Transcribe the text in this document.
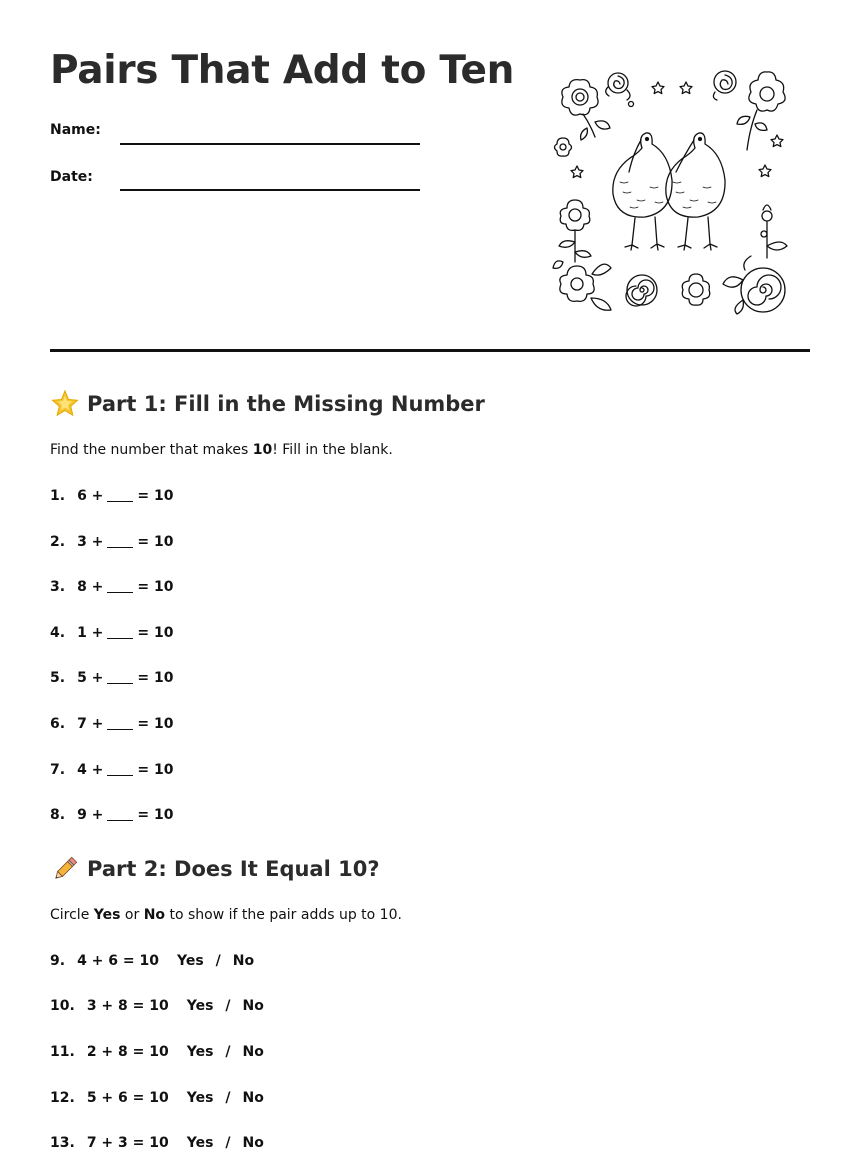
Pairs That Add to Ten
Name:
Date:
Part 1: Fill in the Missing Number
Find the number that makes 10! Fill in the blank.
1. 6 + = 10
2. 3 + = 10
3. 8 + = 10
4. 1 + = 10
5. 5 + = 10
6. 7 + = 10
7. 4 + = 10
8. 9 + = 10
Part 2: Does It Equal 10?
Circle Yes or No to show if the pair adds up to 10.
9. 4 + 6 = 10 Yes / No
10. 3 + 8 = 10 Yes / No
11. 2 + 8 = 10 Yes / No
12. 5 + 6 = 10 Yes / No
13. 7 + 3 = 10 Yes / No
